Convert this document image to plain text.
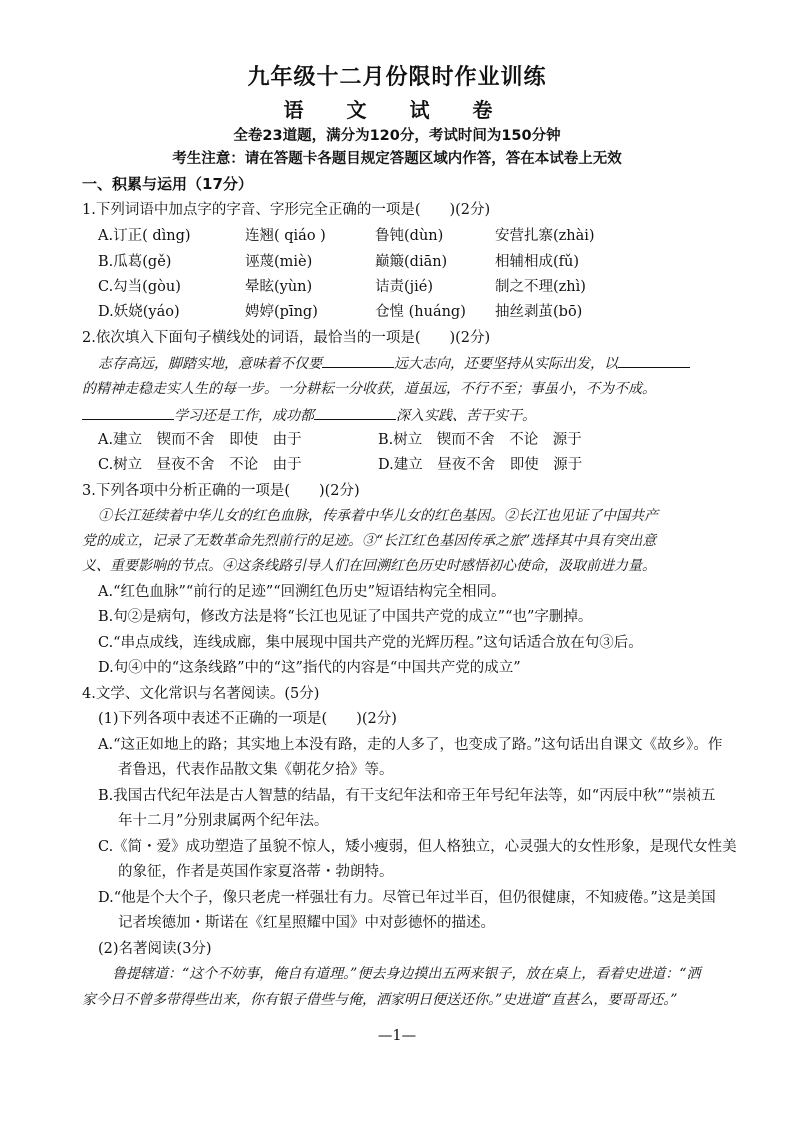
九年级十二月份限时作业训练
语 文 试 卷
全卷23道题，满分为120分，考试时间为150分钟
考生注意：请在答题卡各题目规定答题区域内作答，答在本试卷上无效
一、积累与运用（17分）
1.下列词语中加点字的字音、字形完全正确的一项是(　　)(2分)
A.订正( dìng)	连翘( qiáo )	鲁钝(dùn)	安营扎寨(zhài)
B.瓜葛(gě)	诬蔑(miè)	巅簸(diān)	相辅相成(fǔ)
C.勾当(gòu)	晕眩(yùn)	诘责(jié)	制之不理(zhì)
D.妖娆(yáo)	娉婷(pīng)	仓惶 (huáng) 抽丝剥茧(bō)
2.依次填入下面句子横线处的词语，最恰当的一项是(　　)(2分)
志存高远，脚踏实地，意味着不仅要	远大志向，还要坚持从实际出发，以
的精神走稳走实人生的每一步。一分耕耘一分收获，道虽远，不行不至；事虽小，不为不成。
学习还是工作，成功都	深入实践、苦干实干。
A.建立　锲而不舍　即使　由于	B.树立　锲而不舍　不论　源于
C.树立　昼夜不舍　不论　由于	D.建立　昼夜不舍　即使　源于
3.下列各项中分析正确的一项是(　　)(2分)
①长江延续着中华儿女的红色血脉，传承着中华儿女的红色基因。②长江也见证了中国共产
党的成立，记录了无数革命先烈前行的足迹。③“长江红色基因传承之旅”选择其中具有突出意
义、重要影响的节点。④这条线路引导人们在回溯红色历史时感悟初心使命，汲取前进力量。
A.“红色血脉”“前行的足迹”“回溯红色历史”短语结构完全相同。
B.句②是病句，修改方法是将“长江也见证了中国共产党的成立”“也”字删掉。
C.“串点成线，连线成廊，集中展现中国共产党的光辉历程。”这句话适合放在句③后。
D.句④中的“这条线路”中的“这”指代的内容是“中国共产党的成立”
4.文学、文化常识与名著阅读。(5分)
(1)下列各项中表述不正确的一项是(　　)(2分)
A.“这正如地上的路；其实地上本没有路，走的人多了，也变成了路。”这句话出自课文《故乡》。作
者鲁迅，代表作品散文集《朝花夕拾》等。
B.我国古代纪年法是古人智慧的结晶，有干支纪年法和帝王年号纪年法等，如“丙辰中秋”“崇祯五
年十二月”分别隶属两个纪年法。
C.《简・爱》成功塑造了虽貌不惊人，矮小瘦弱，但人格独立，心灵强大的女性形象，是现代女性美
的象征，作者是英国作家夏洛蒂・勃朗特。
D.“他是个大个子，像只老虎一样强壮有力。尽管已年过半百，但仍很健康，不知疲倦。”这是美国
记者埃德加・斯诺在《红星照耀中国》中对彭德怀的描述。
(2)名著阅读(3分)
鲁提辖道：“这个不妨事，俺自有道理。”便去身边摸出五两来银子，放在桌上，看着史进道：“洒
家今日不曾多带得些出来，你有银子借些与俺，洒家明日便送还你。”史进道“直甚么，要哥哥还。”
—1—
